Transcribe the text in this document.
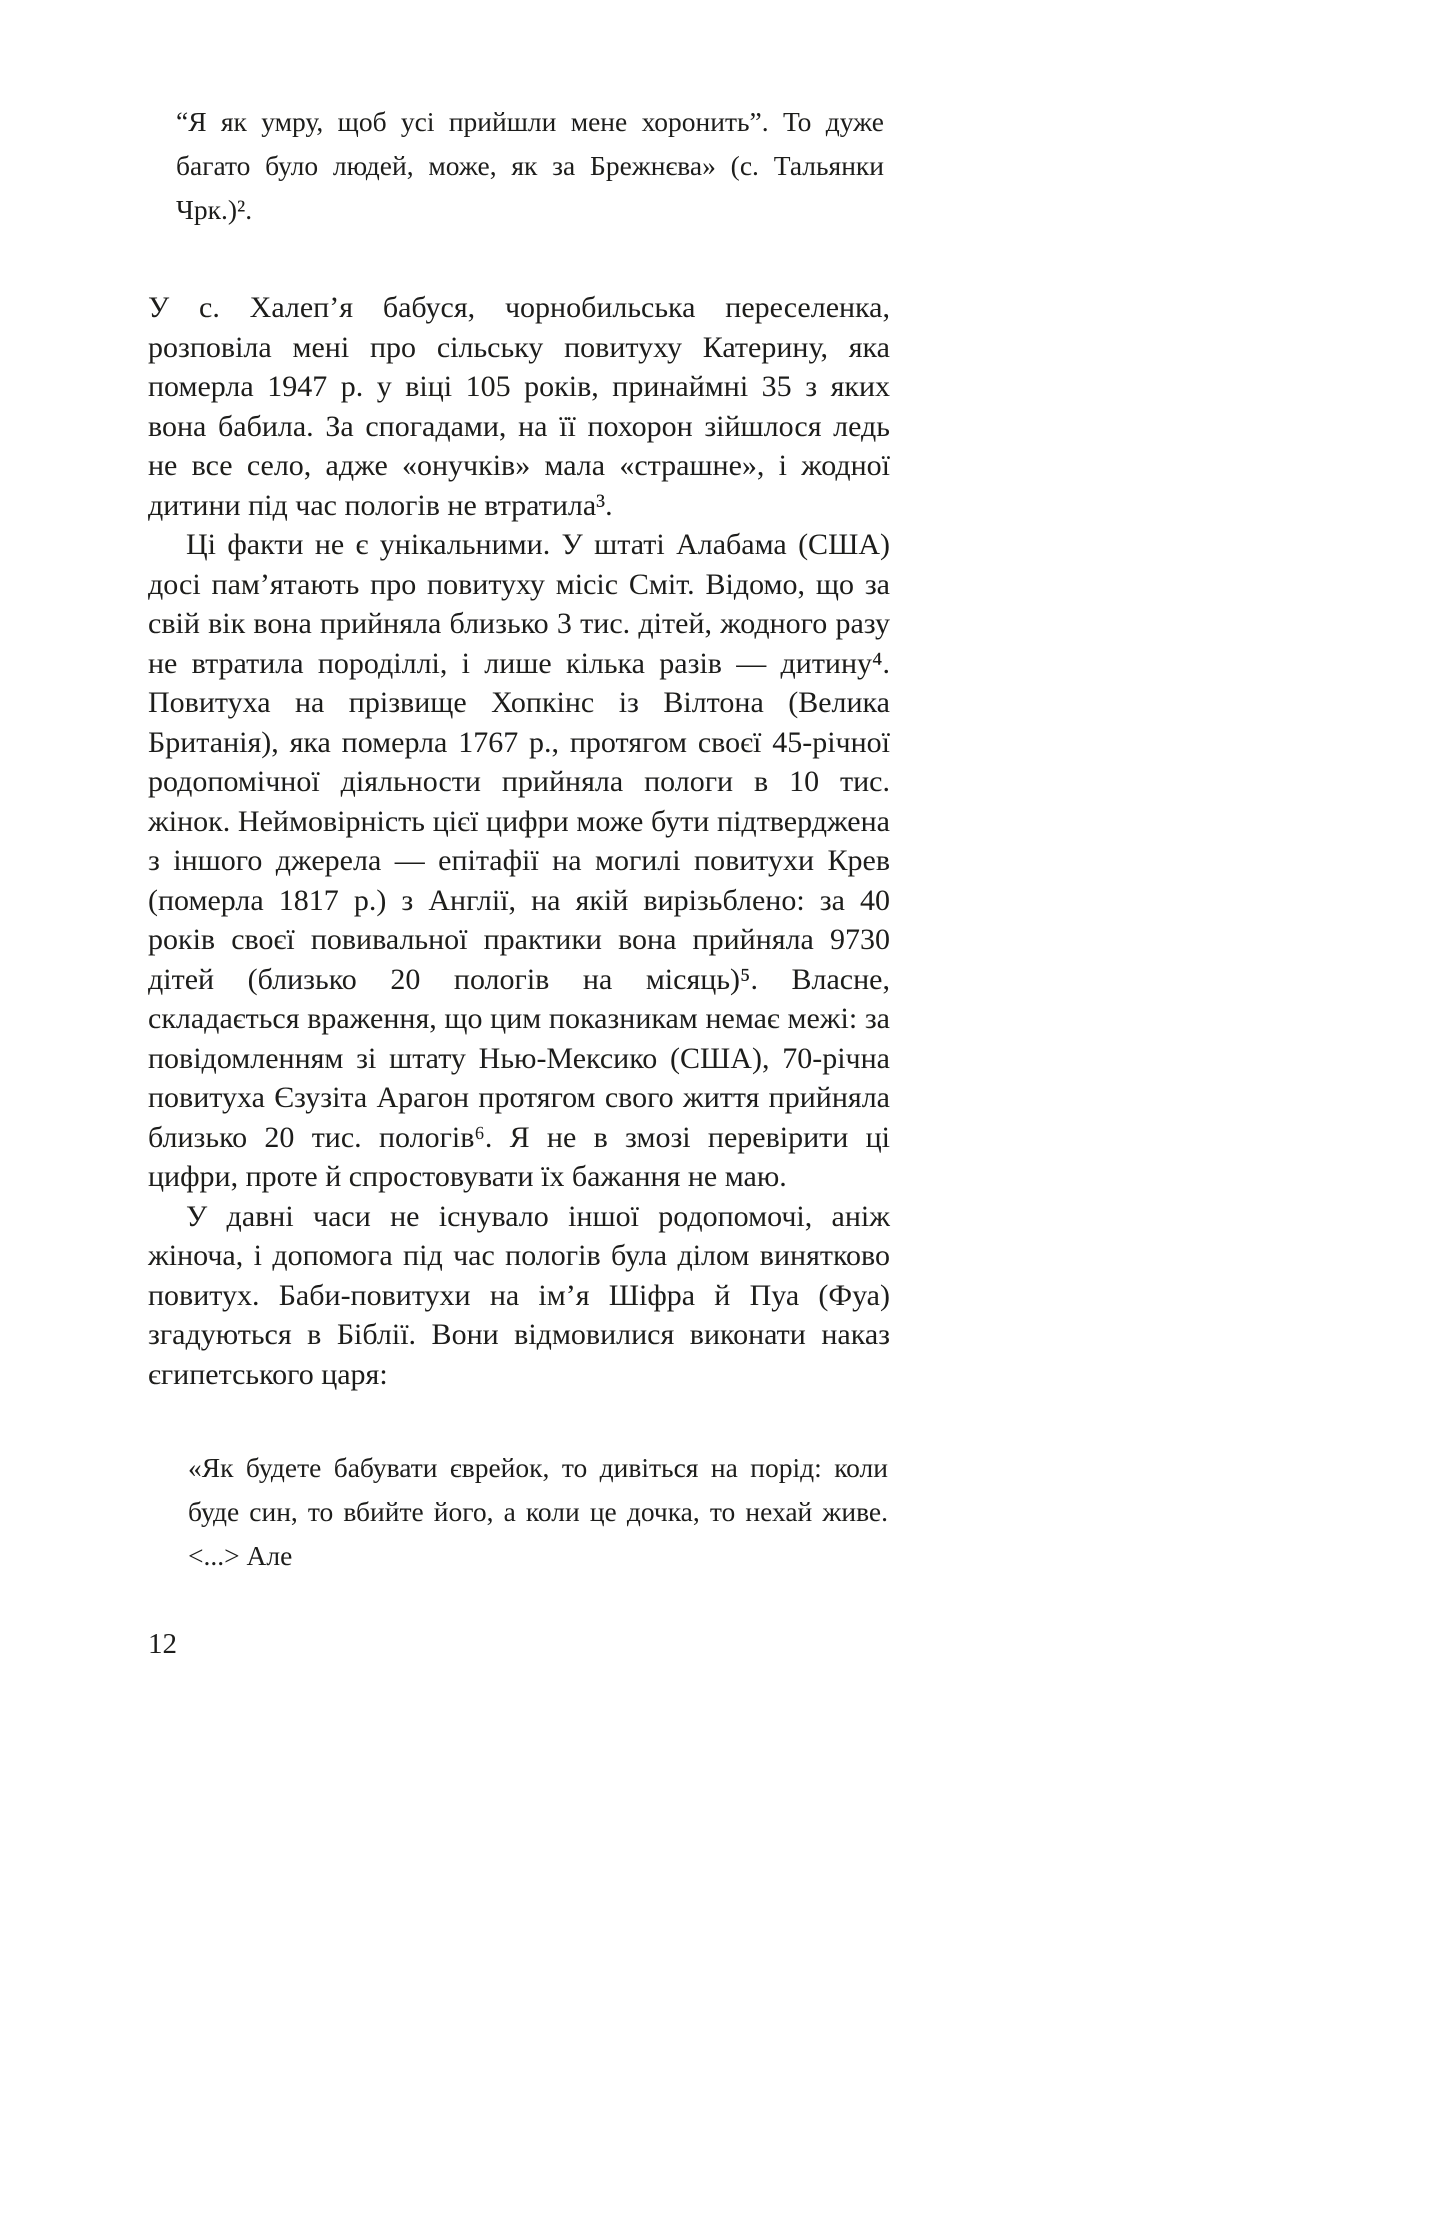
“Я як умру, щоб усі прийшли мене хоронить”. То дуже багато було людей, може, як за Брежнєва» (с. Тальянки Чрк.)².

У с. Халеп’я бабуся, чорнобильська переселенка, розповіла мені про сільську повитуху Катерину, яка померла 1947 р. у віці 105 років, принаймні 35 з яких вона бабила. За спогадами, на її похорон зійшлося ледь не все село, адже «онучків» мала «страшне», і жодної дитини під час пологів не втратила³.

Ці факти не є унікальними. У штаті Алабама (США) досі пам’ятають про повитуху місіс Сміт. Відомо, що за свій вік вона прийняла близько 3 тис. дітей, жодного разу не втратила породіллі, і лише кілька разів — дитину⁴. Повитуха на прізвище Хопкінс із Вілтона (Велика Британія), яка померла 1767 р., протягом своєї 45-річної родопомічної діяльности прийняла пологи в 10 тис. жінок. Неймовірність цієї цифри може бути підтверджена з іншого джерела — епітафії на могилі повитухи Крев (померла 1817 р.) з Англії, на якій вирізьблено: за 40 років своєї повивальної практики вона прийняла 9730 дітей (близько 20 пологів на місяць)⁵. Власне, складається враження, що цим показникам немає межі: за повідомленням зі штату Нью-Мексико (США), 70-річна повитуха Єзузіта Арагон протягом свого життя прийняла близько 20 тис. пологів⁶. Я не в змозі перевірити ці цифри, проте й спростовувати їх бажання не маю.

У давні часи не існувало іншої родопомочі, аніж жіноча, і допомога під час пологів була ділом винятково повитух. Баби-повитухи на ім’я Шіфра й Пуа (Фуа) згадуються в Біблії. Вони відмовилися виконати наказ єгипетського царя:

«Як будете бабувати єврейок, то дивіться на порід: коли буде син, то вбийте його, а коли це дочка, то нехай живе. <...> Але
12
